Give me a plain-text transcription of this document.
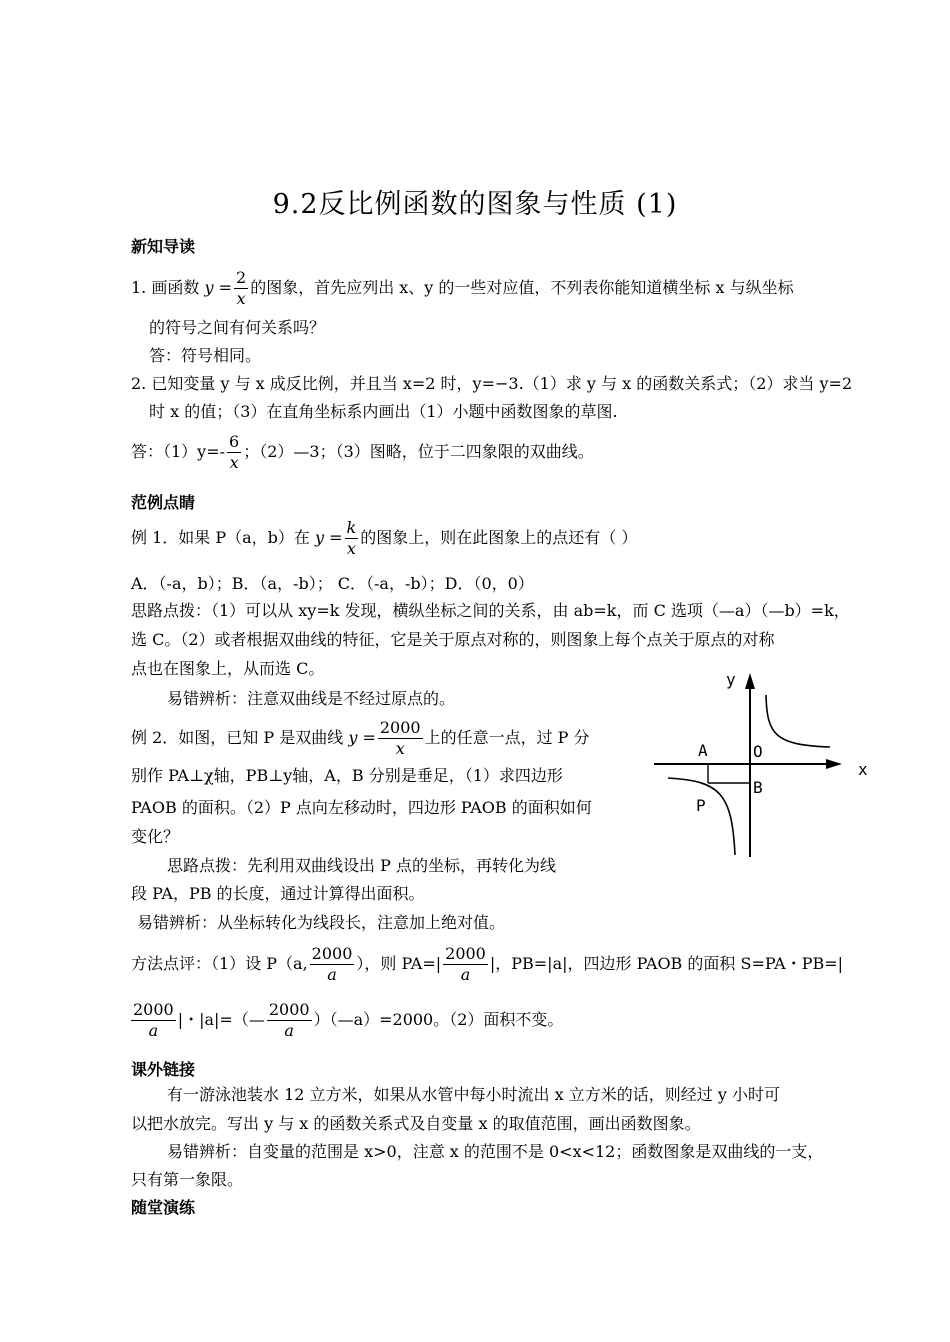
9.2反比例函数的图象与性质 (1)
新知导读
1. 画函数 $y = \frac{2}{x}$ 的图象，首先应列出 x、y 的一些对应值，不列表你能知道横坐标 x 与纵坐标
的符号之间有何关系吗？
答：符号相同。
2. 已知变量 y 与 x 成反比例，并且当 x=2 时，y=−3.（1）求 y 与 x 的函数关系式；（2）求当 y=2
时 x 的值；（3）在直角坐标系内画出（1）小题中函数图象的草图.
答：$(1)y=- \frac{6}{x}$ ；（2）—3；（3）图略，位于二四象限的双曲线。
范例点睛
例 1．如果 P（a，b）在 $y = \frac{k}{x}$ 的图象上，则在此图象上的点还有（ ）
A．（-a，b）；B．（a，-b）； C．（-a，-b）；D．（0，0）
思路点拨：（1）可以从 xy=k 发现，横纵坐标之间的关系，由 ab=k，而 C 选项（—a）（—b）=k，
选 C。（2）或者根据双曲线的特征，它是关于原点对称的，则图象上每个点关于原点的对称
点也在图象上，从而选 C。
易错辨析：注意双曲线是不经过原点的。
例 2．如图，已知 P 是双曲线 $y = \frac{2000}{x}$ 上的任意一点，过 P 分
别作 PA⊥χ轴，PB⊥y轴，A，B 分别是垂足，（1）求四边形
PAOB 的面积。（2）P 点向左移动时，四边形 PAOB 的面积如何
变化？
思路点拨：先利用双曲线设出 P 点的坐标，再转化为线
段 PA，PB 的长度，通过计算得出面积。
易错辨析：从坐标转化为线段长，注意加上绝对值。
y
x
O
A
B
P
方法点评：（1）设 P（a, $\frac{2000}{a}$ ），则 $PA=| \frac{2000}{a}$ |，PB=|a|，四边形 PAOB 的面积 S=PA・PB=|
$\frac{2000}{a}$ |・|a|=（— $\frac{2000}{a}$ ）（—a）=2000。（2）面积不变。
课外链接
有一游泳池装水 12 立方米，如果从水管中每小时流出 x 立方米的话，则经过 y 小时可
以把水放完。写出 y 与 x 的函数关系式及自变量 x 的取值范围，画出函数图象。
易错辨析：自变量的范围是 x>0，注意 x 的范围不是 0<x<12；函数图象是双曲线的一支，
只有第一象限。
随堂演练
